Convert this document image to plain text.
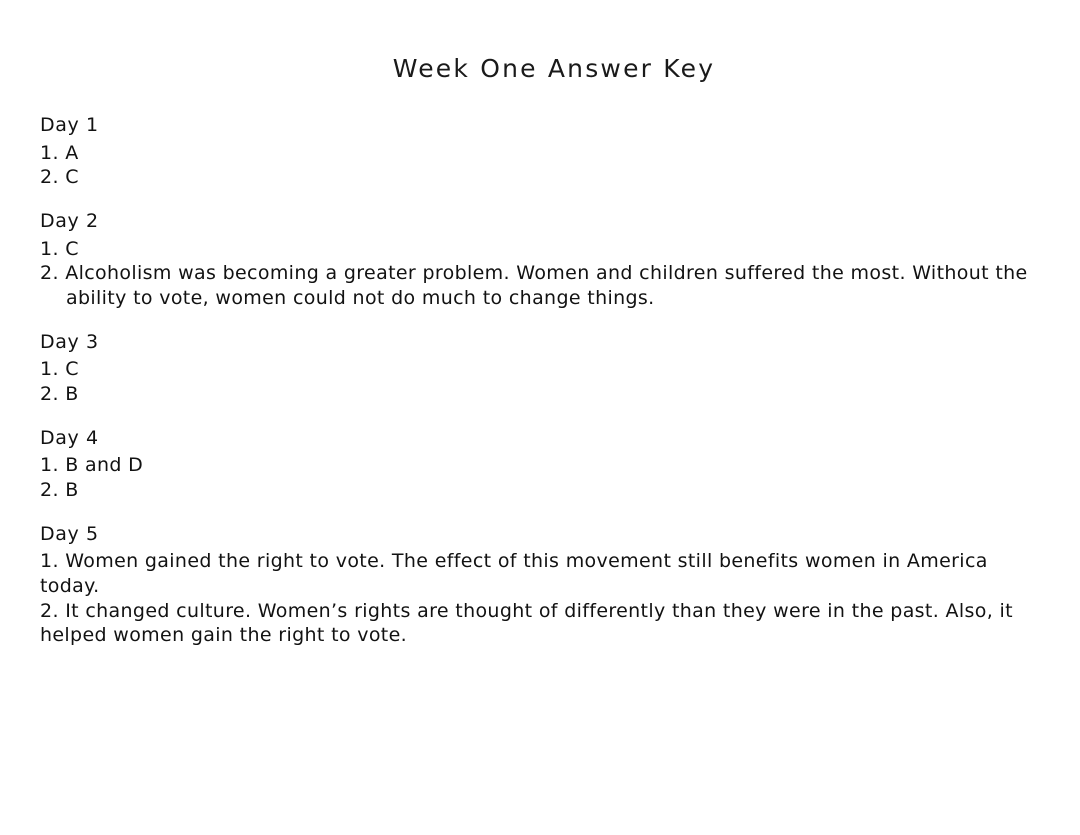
Week One Answer Key
Day 1

1. A

2. C

Day 2

1. C

2. Alcoholism was becoming a greater problem. Women and children suffered the most. Without the ability to vote, women could not do much to change things.

Day 3

1. C

2. B

Day 4

1. B and D

2. B

Day 5

1. Women gained the right to vote. The effect of this movement still benefits women in America today.

2. It changed culture. Women’s rights are thought of differently than they were in the past. Also, it helped women gain the right to vote.
